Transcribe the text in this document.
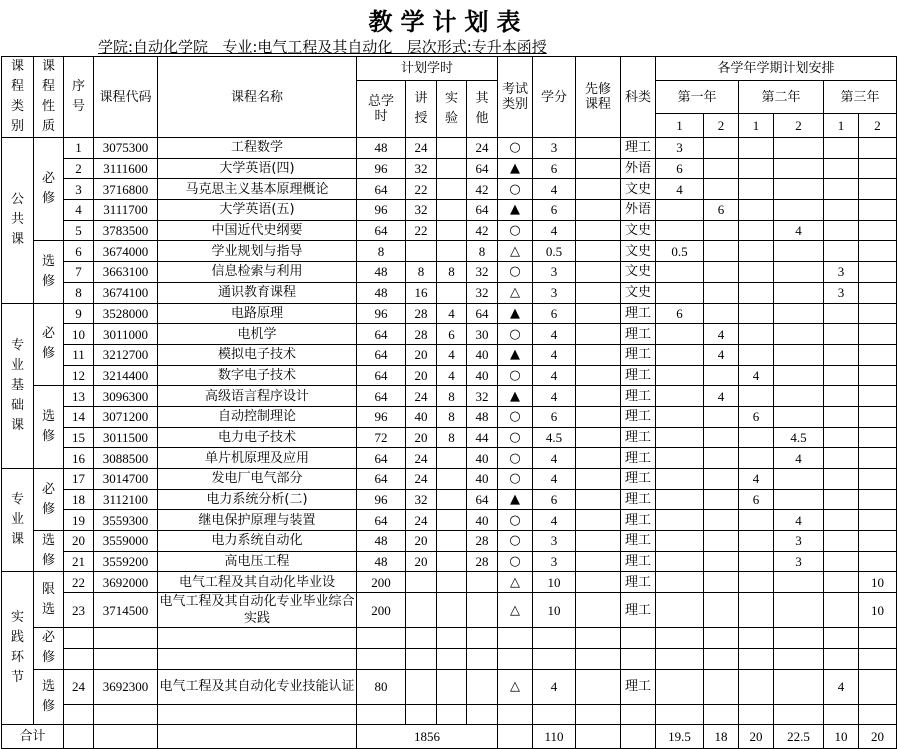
教学计划表
学院:自动化学院   专业:电气工程及其自动化   层次形式:专升本函授
课程类别	课程性质	序号	课程代码	课程名称	计划学时				考试类别	学分	先修课程	科类	各学年学期计划安排					
					总学时	讲授	实验	其他					第一年		第二年		第三年	
													1	2	1	2	1	2
公共课	必修	1	3075300	工程数学	48	24		24	○	3		理工	3					
		2	3111600	大学英语(四)	96	32		64	▲	6		外语	6					
		3	3716800	马克思主义基本原理概论	64	22		42	○	4		文史	4					
		4	3111700	大学英语(五)	96	32		64	▲	6		外语		6				
		5	3783500	中国近代史纲要	64	22		42	○	4		文史				4		
	选修	6	3674000	学业规划与指导	8			8	△	0.5		文史	0.5					
		7	3663100	信息检索与利用	48	8	8	32	○	3		文史					3	
		8	3674100	通识教育课程	48	16		32	△	3		文史					3	
专业基础课	必修	9	3528000	电路原理	96	28	4	64	▲	6		理工	6					
		10	3011000	电机学	64	28	6	30	○	4		理工		4				
		11	3212700	模拟电子技术	64	20	4	40	▲	4		理工		4				
		12	3214400	数字电子技术	64	20	4	40	○	4		理工			4			
	选修	13	3096300	高级语言程序设计	64	24	8	32	▲	4		理工		4				
		14	3071200	自动控制理论	96	40	8	48	○	6		理工			6			
		15	3011500	电力电子技术	72	20	8	44	○	4.5		理工				4.5		
		16	3088500	单片机原理及应用	64	24		40	○	4		理工				4		
专业课	必修	17	3014700	发电厂电气部分	64	24		40	○	4		理工			4			
		18	3112100	电力系统分析(二)	96	32		64	▲	6		理工			6			
		19	3559300	继电保护原理与装置	64	24		40	○	4		理工				4		
	选修	20	3559000	电力系统自动化	48	20		28	○	3		理工				3		
		21	3559200	高电压工程	48	20		28	○	3		理工				3		
实践环节	限选	22	3692000	电气工程及其自动化毕业设	200				△	10		理工						10
		23	3714500	电气工程及其自动化专业毕业综合实践	200				△	10		理工						10
	必修																	

	选修	24	3692300	电气工程及其自动化专业技能认证	80				△	4		理工					4	

合计					1856					110			19.5	18	20	22.5	10	20
